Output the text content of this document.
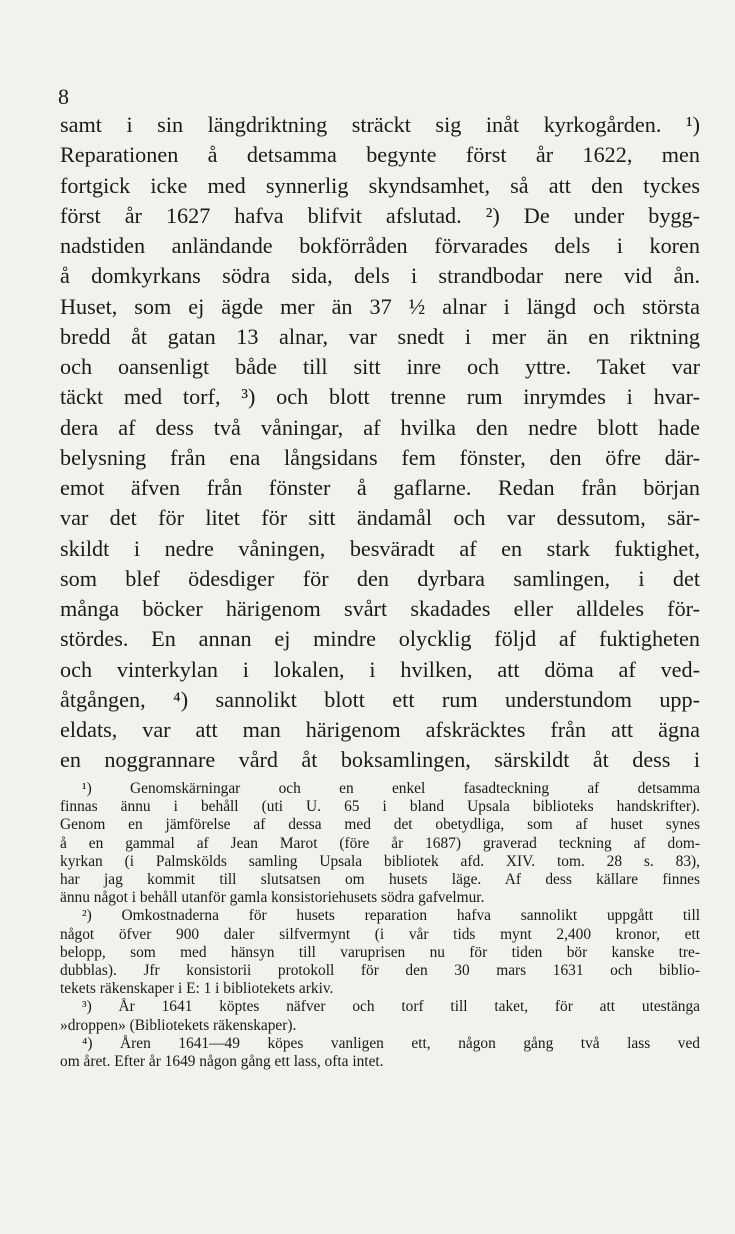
8
samt i sin längdriktning sträckt sig inåt kyrkogården. ¹)
Reparationen å detsamma begynte först år 1622, men
fortgick icke med synnerlig skyndsamhet, så att den tyckes
först år 1627 hafva blifvit afslutad. ²) De under bygg-
nadstiden anländande bokförråden förvarades dels i koren
å domkyrkans södra sida, dels i strandbodar nere vid ån.
Huset, som ej ägde mer än 37 ½ alnar i längd och största
bredd åt gatan 13 alnar, var snedt i mer än en riktning
och oansenligt både till sitt inre och yttre. Taket var
täckt med torf, ³) och blott trenne rum inrymdes i hvar-
dera af dess två våningar, af hvilka den nedre blott hade
belysning från ena långsidans fem fönster, den öfre där-
emot äfven från fönster å gaflarne. Redan från början
var det för litet för sitt ändamål och var dessutom, sär-
skildt i nedre våningen, besväradt af en stark fuktighet,
som blef ödesdiger för den dyrbara samlingen, i det
många böcker härigenom svårt skadades eller alldeles för-
stördes. En annan ej mindre olycklig följd af fuktigheten
och vinterkylan i lokalen, i hvilken, att döma af ved-
åtgången, ⁴) sannolikt blott ett rum understundom upp-
eldats, var att man härigenom afskräcktes från att ägna
en noggrannare vård åt boksamlingen, särskildt åt dess i
¹) Genomskärningar och en enkel fasadteckning af detsamma
finnas ännu i behåll (uti U. 65 i bland Upsala biblioteks handskrifter).
Genom en jämförelse af dessa med det obetydliga, som af huset synes
å en gammal af Jean Marot (före år 1687) graverad teckning af dom-
kyrkan (i Palmskölds samling Upsala bibliotek afd. XIV. tom. 28 s. 83),
har jag kommit till slutsatsen om husets läge. Af dess källare finnes
ännu något i behåll utanför gamla konsistoriehusets södra gafvelmur.
²) Omkostnaderna för husets reparation hafva sannolikt uppgått till
något öfver 900 daler silfvermynt (i vår tids mynt 2,400 kronor, ett
belopp, som med hänsyn till varuprisen nu för tiden bör kanske tre-
dubblas). Jfr konsistorii protokoll för den 30 mars 1631 och biblio-
tekets räkenskaper i E: 1 i bibliotekets arkiv.
³) År 1641 köptes näfver och torf till taket, för att utestänga
»droppen» (Bibliotekets räkenskaper).
⁴) Åren 1641—49 köpes vanligen ett, någon gång två lass ved
om året. Efter år 1649 någon gång ett lass, ofta intet.
